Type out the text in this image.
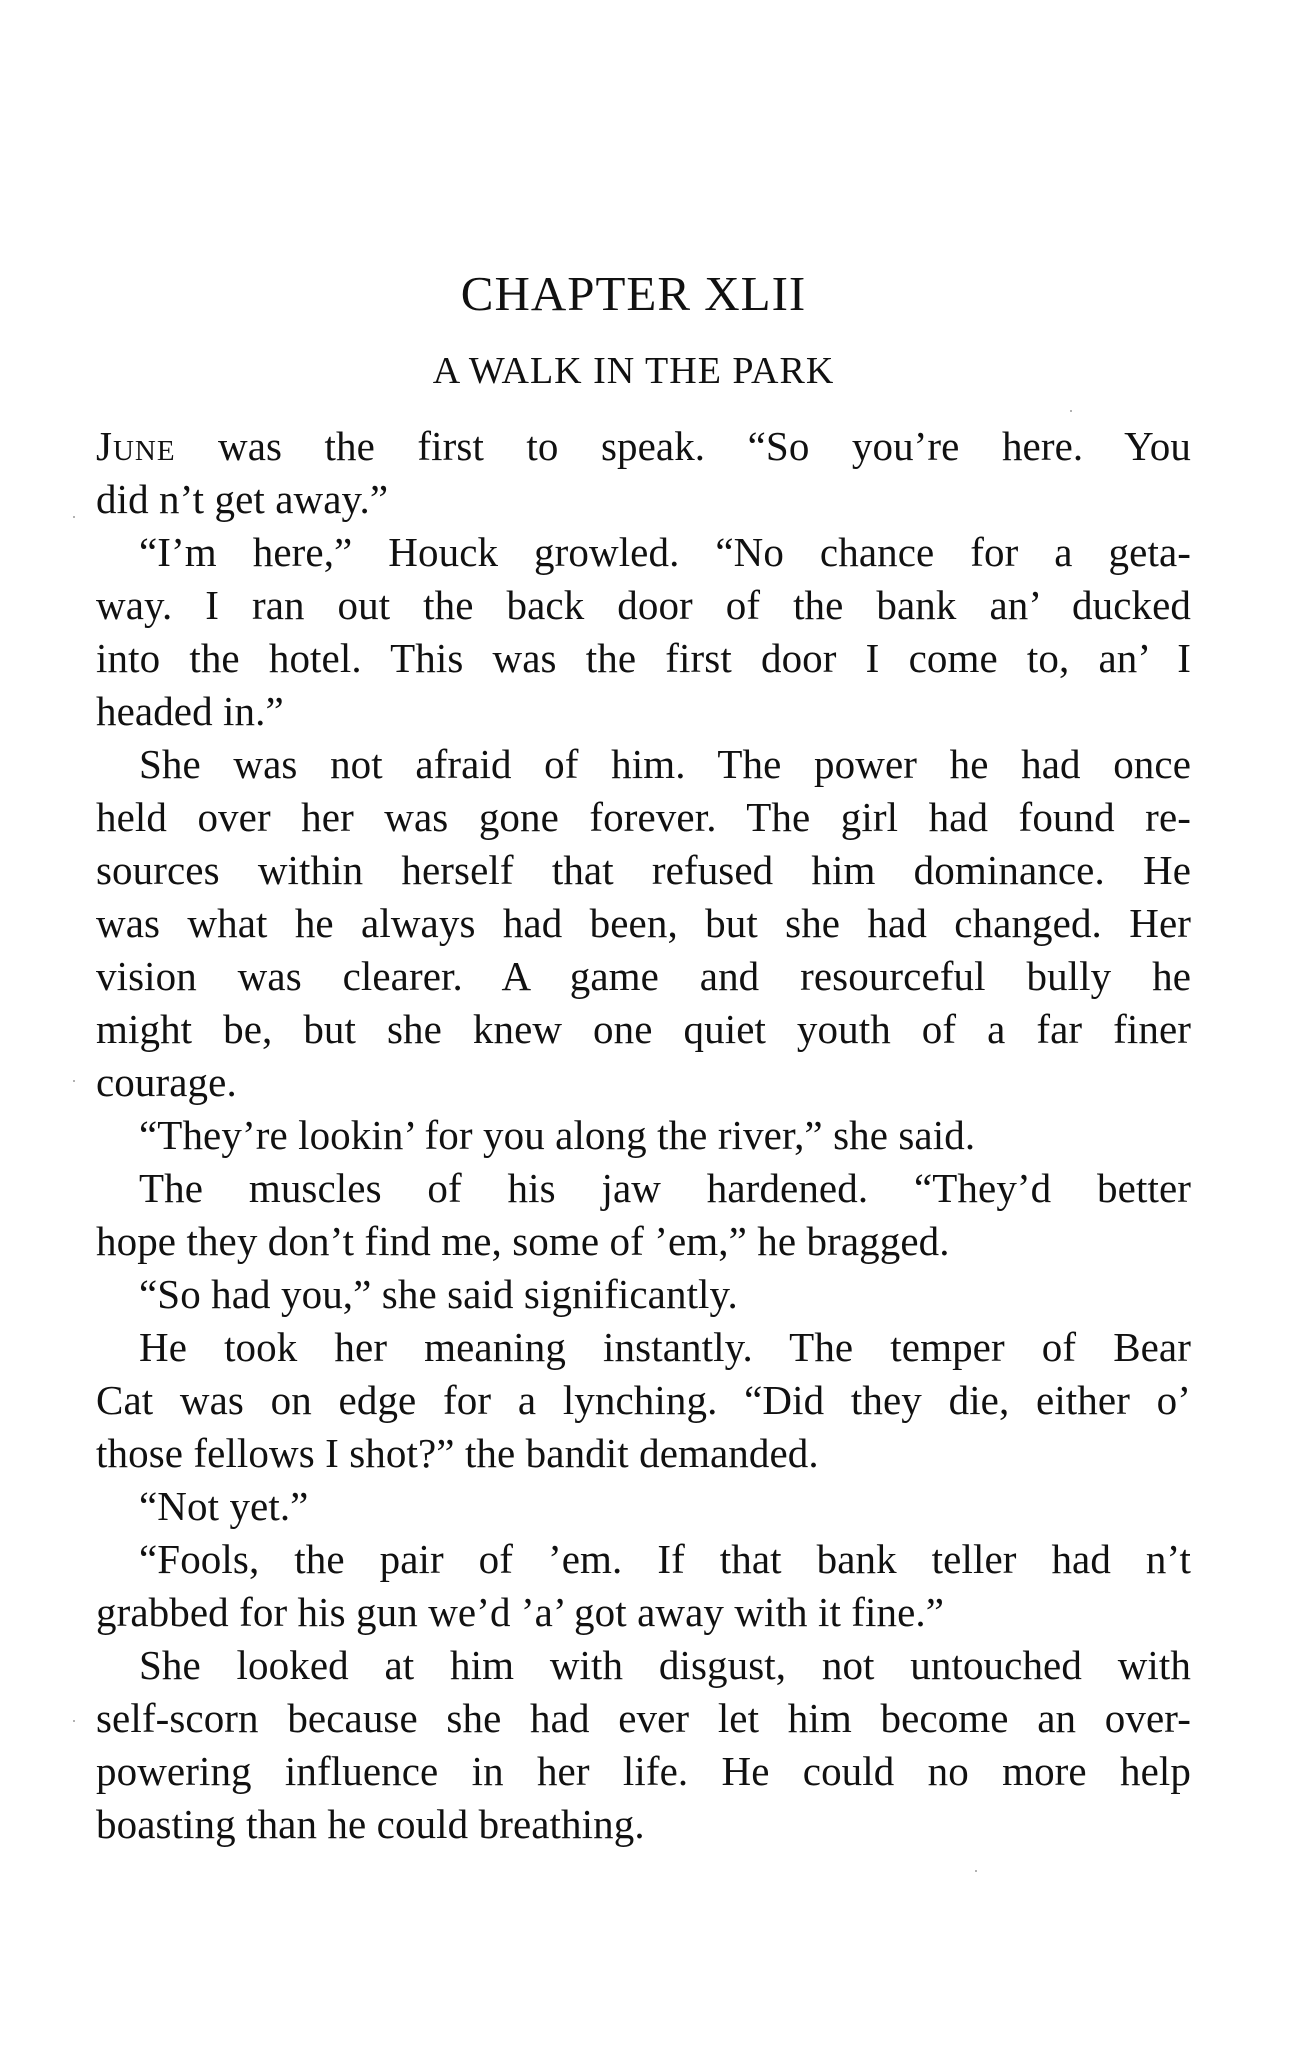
CHAPTER XLII
A WALK IN THE PARK
June was the first to speak. “So you’re here. You
did n’t get away.”
“I’m here,” Houck growled. “No chance for a geta-
way. I ran out the back door of the bank an’ ducked
into the hotel. This was the first door I come to, an’ I
headed in.”
She was not afraid of him. The power he had once
held over her was gone forever. The girl had found re-
sources within herself that refused him dominance. He
was what he always had been, but she had changed. Her
vision was clearer. A game and resourceful bully he
might be, but she knew one quiet youth of a far finer
courage.
“They’re lookin’ for you along the river,” she said.
The muscles of his jaw hardened. “They’d better
hope they don’t find me, some of ’em,” he bragged.
“So had you,” she said significantly.
He took her meaning instantly. The temper of Bear
Cat was on edge for a lynching. “Did they die, either o’
those fellows I shot?” the bandit demanded.
“Not yet.”
“Fools, the pair of ’em. If that bank teller had n’t
grabbed for his gun we’d ’a’ got away with it fine.”
She looked at him with disgust, not untouched with
self-scorn because she had ever let him become an over-
powering influence in her life. He could no more help
boasting than he could breathing.
